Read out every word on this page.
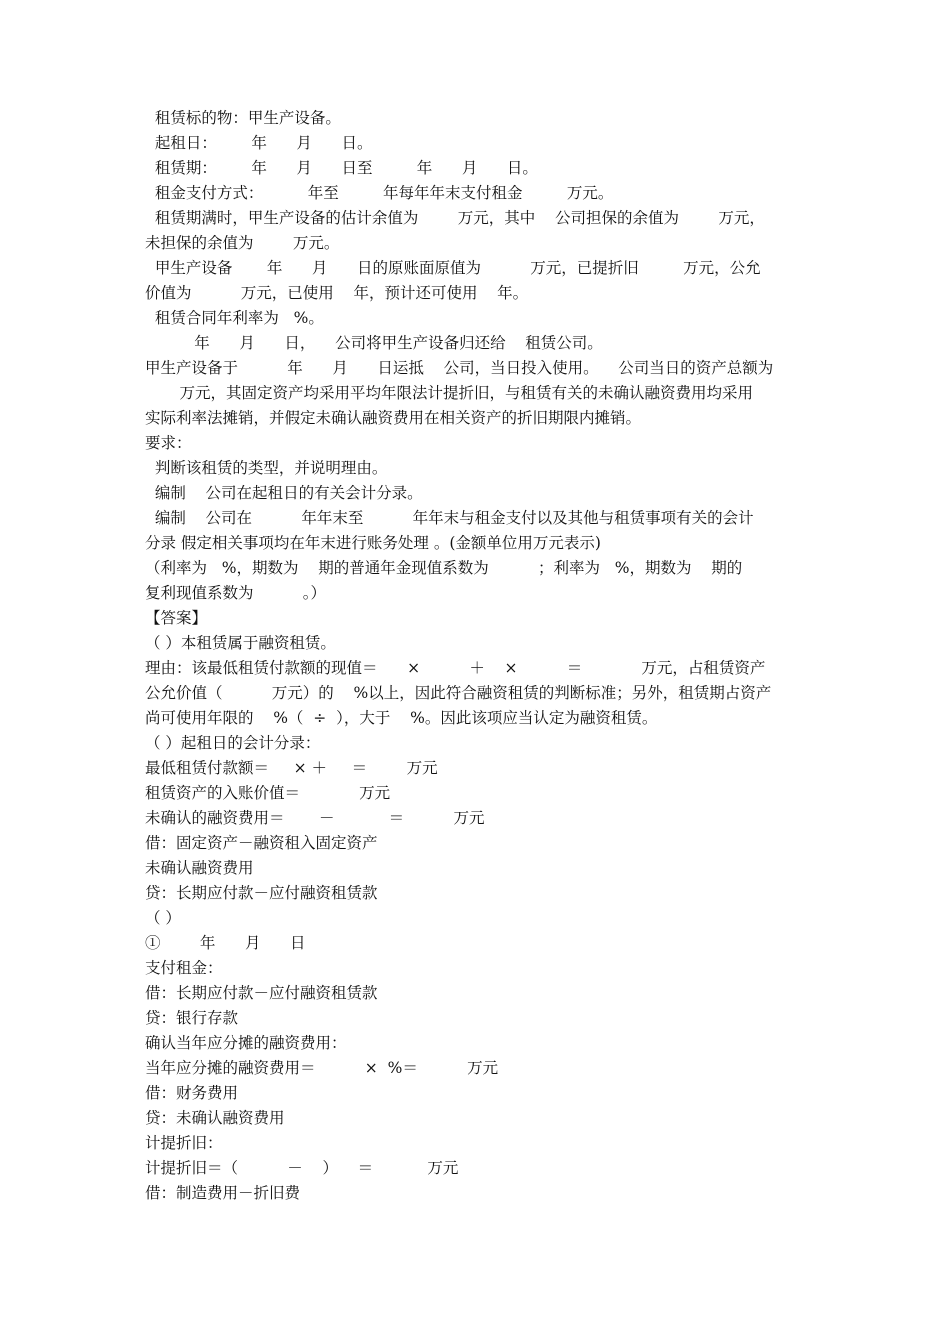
租赁标的物：甲生产设备。
起租日：       年      月      日。
租赁期：       年      月      日至         年      月      日。
租金支付方式：         年至         年每年年末支付租金         万元。
租赁期满时，甲生产设备的估计余值为        万元，其中    公司担保的余值为        万元，
未担保的余值为        万元。
甲生产设备       年      月      日的原账面原值为          万元，已提折旧         万元，公允
价值为          万元，已使用    年，预计还可使用    年。
租赁合同年利率为   %。
年      月      日，    公司将甲生产设备归还给    租赁公司。
甲生产设备于          年      月      日运抵    公司，当日投入使用。    公司当日的资产总额为
万元，其固定资产均采用平均年限法计提折旧，与租赁有关的未确认融资费用均采用
实际利率法摊销，并假定未确认融资费用在相关资产的折旧期限内摊销。
要求：
判断该租赁的类型，并说明理由。
编制    公司在起租日的有关会计分录。
编制    公司在          年年末至          年年末与租金支付以及其他与租赁事项有关的会计
分录 假定相关事项均在年末进行账务处理 。(金额单位用万元表示)
（利率为   %，期数为    期的普通年金现值系数为          ；利率为   %，期数为    期的
复利现值系数为          。）
【答案】
（ ）本租赁属于融资租赁。
理由：该最低租赁付款额的现值＝      ×          ＋    ×          ＝            万元，占租赁资产
公允价值（          万元）的    %以上，因此符合融资租赁的判断标准；另外，租赁期占资产
尚可使用年限的    %（  ÷  ），大于    %。因此该项应当认定为融资租赁。
（ ）起租日的会计分录：
最低租赁付款额＝     × ＋     ＝        万元
租赁资产的入账价值＝            万元
未确认的融资费用＝       －           ＝          万元
借：固定资产－融资租入固定资产
未确认融资费用
贷：长期应付款－应付融资租赁款
（ ）
①        年      月      日
支付租金：
借：长期应付款－应付融资租赁款
贷：银行存款
确认当年应分摊的融资费用：
当年应分摊的融资费用＝          ×  %＝          万元
借：财务费用
贷：未确认融资费用
计提折旧：
计提折旧＝（          －    ）    ＝           万元
借：制造费用－折旧费
